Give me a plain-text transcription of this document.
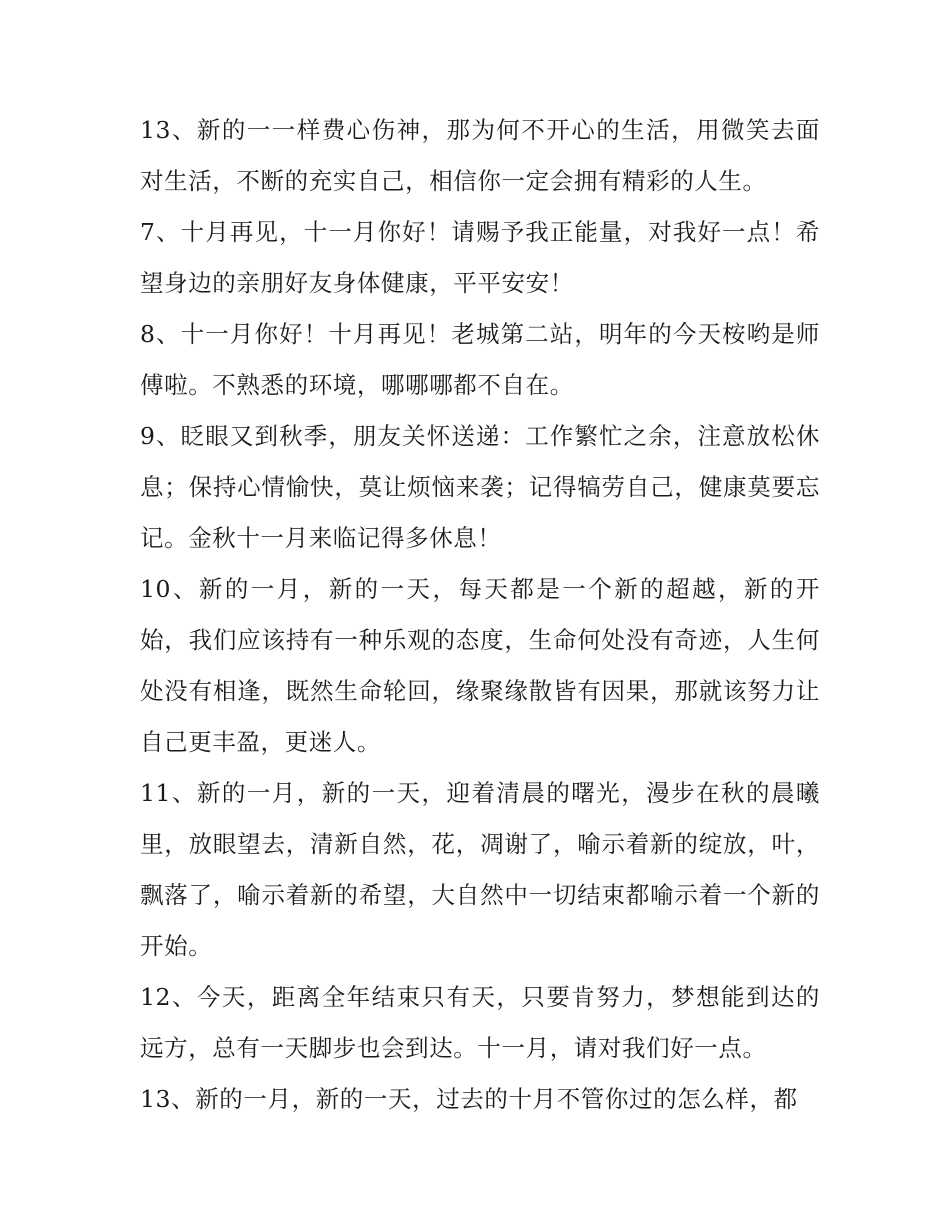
13、新的一一样费心伤神，那为何不开心的生活，用微笑去面对生活，不断的充实自己，相信你一定会拥有精彩的人生。

7、十月再见，十一月你好！请赐予我正能量，对我好一点！希望身边的亲朋好友身体健康，平平安安！

8、十一月你好！十月再见！老城第二站，明年的今天桉哟是师傅啦。不熟悉的环境，哪哪哪都不自在。

9、眨眼又到秋季，朋友关怀送递：工作繁忙之余，注意放松休息；保持心情愉快，莫让烦恼来袭；记得犒劳自己，健康莫要忘记。金秋十一月来临记得多休息！

10、新的一月，新的一天，每天都是一个新的超越，新的开始，我们应该持有一种乐观的态度，生命何处没有奇迹，人生何处没有相逢，既然生命轮回，缘聚缘散皆有因果，那就该努力让自己更丰盈，更迷人。

11、新的一月，新的一天，迎着清晨的曙光，漫步在秋的晨曦里，放眼望去，清新自然，花，凋谢了，喻示着新的绽放，叶，飘落了，喻示着新的希望，大自然中一切结束都喻示着一个新的开始。

12、今天，距离全年结束只有天，只要肯努力，梦想能到达的远方，总有一天脚步也会到达。十一月，请对我们好一点。

13、新的一月，新的一天，过去的十月不管你过的怎么样，都
